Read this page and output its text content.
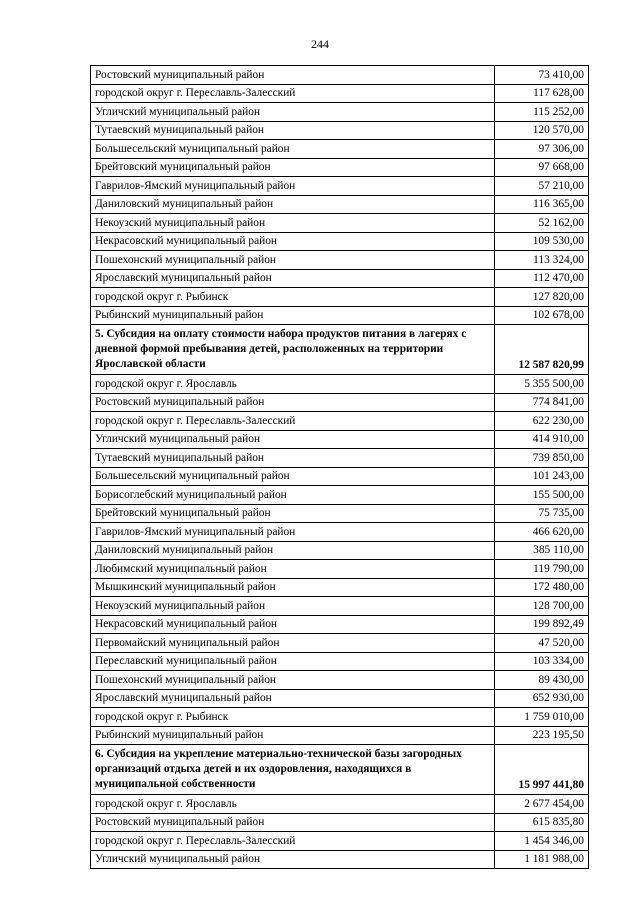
244
Ростовский муниципальный район	73 410,00
городской округ г. Переславль-Залесский	117 628,00
Угличский муниципальный район	115 252,00
Тутаевский муниципальный район	120 570,00
Большесельский муниципальный район	97 306,00
Брейтовский муниципальный район	97 668,00
Гаврилов-Ямский муниципальный район	57 210,00
Даниловский муниципальный район	116 365,00
Некоузский муниципальный район	52 162,00
Некрасовский муниципальный район	109 530,00
Пошехонский муниципальный район	113 324,00
Ярославский муниципальный район	112 470,00
городской округ г. Рыбинск	127 820,00
Рыбинский муниципальный район	102 678,00
5. Субсидия на оплату стоимости набора продуктов питания в лагерях с дневной формой пребывания детей, расположенных на территории Ярославской области	12 587 820,99
городской округ г. Ярославль	5 355 500,00
Ростовский муниципальный район	774 841,00
городской округ г. Переславль-Залесский	622 230,00
Угличский муниципальный район	414 910,00
Тутаевский муниципальный район	739 850,00
Большесельский муниципальный район	101 243,00
Борисоглебский муниципальный район	155 500,00
Брейтовский муниципальный район	75 735,00
Гаврилов-Ямский муниципальный район	466 620,00
Даниловский муниципальный район	385 110,00
Любимский муниципальный район	119 790,00
Мышкинский муниципальный район	172 480,00
Некоузский муниципальный район	128 700,00
Некрасовский муниципальный район	199 892,49
Первомайский муниципальный район	47 520,00
Переславский муниципальный район	103 334,00
Пошехонский муниципальный район	89 430,00
Ярославский муниципальный район	652 930,00
городской округ г. Рыбинск	1 759 010,00
Рыбинский муниципальный район	223 195,50
6. Субсидия на укрепление материально-технической базы загородных организаций отдыха детей и их оздоровления, находящихся в муниципальной собственности	15 997 441,80
городской округ г. Ярославль	2 677 454,00
Ростовский муниципальный район	615 835,80
городской округ г. Переславль-Залесский	1 454 346,00
Угличский муниципальный район	1 181 988,00
